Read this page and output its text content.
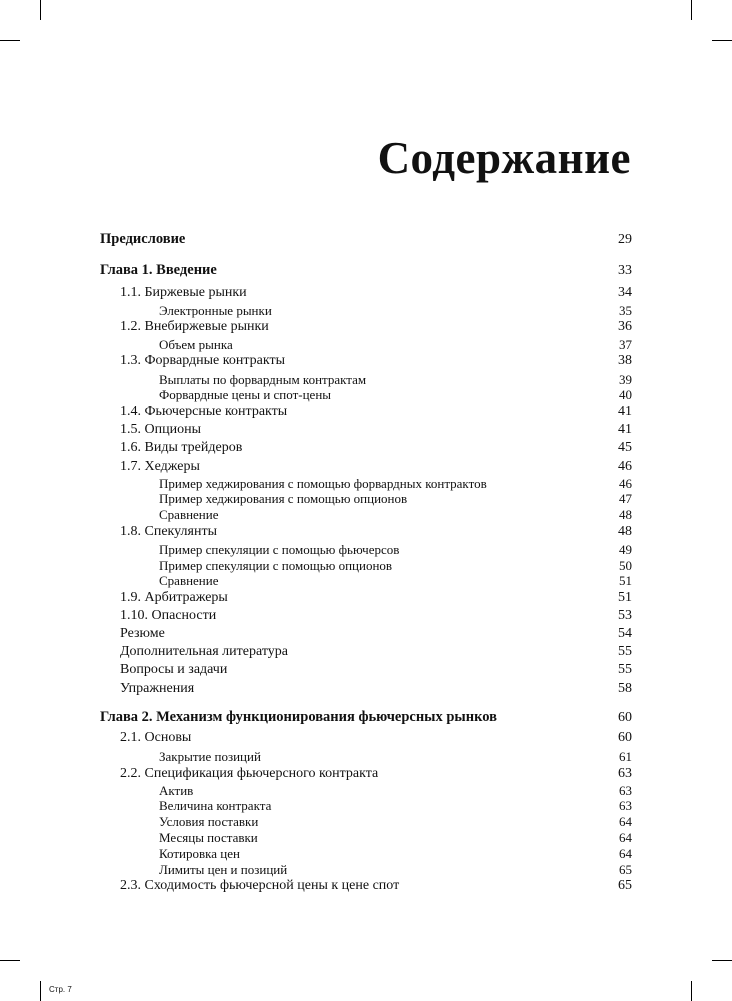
Содержание
Предисловие	29
Глава 1. Введение	33
1.1. Биржевые рынки	34
Электронные рынки	35
1.2. Внебиржевые рынки	36
Объем рынка	37
1.3. Форвардные контракты	38
Выплаты по форвардным контрактам	39
Форвардные цены и спот-цены	40
1.4. Фьючерсные контракты	41
1.5. Опционы	41
1.6. Виды трейдеров	45
1.7. Хеджеры	46
Пример хеджирования с помощью форвардных контрактов	46
Пример хеджирования с помощью опционов	47
Сравнение	48
1.8. Спекулянты	48
Пример спекуляции с помощью фьючерсов	49
Пример спекуляции с помощью опционов	50
Сравнение	51
1.9. Арбитражеры	51
1.10. Опасности	53
Резюме	54
Дополнительная литература	55
Вопросы и задачи	55
Упражнения	58
Глава 2. Механизм функционирования фьючерсных рынков	60
2.1. Основы	60
Закрытие позиций	61
2.2. Спецификация фьючерсного контракта	63
Актив	63
Величина контракта	63
Условия поставки	64
Месяцы поставки	64
Котировка цен	64
Лимиты цен и позиций	65
2.3. Сходимость фьючерсной цены к цене спот	65
Стр. 7
